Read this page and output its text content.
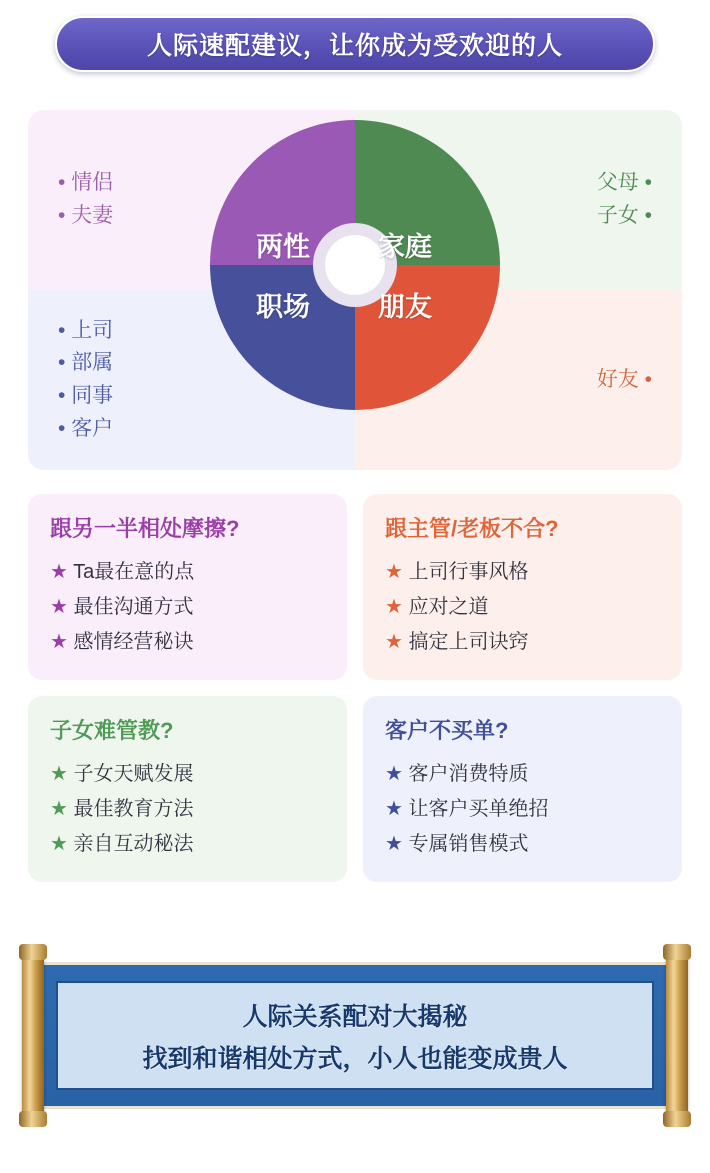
人际速配建议，让你成为受欢迎的人
• 情侣
• 夫妻
父母 •
子女 •
• 上司
• 部属
• 同事
• 客户
好友 •
两性	家庭
职场	朋友
跟另一半相处摩擦?
★ Ta最在意的点
★ 最佳沟通方式
★ 感情经营秘诀
跟主管/老板不合?
★ 上司行事风格
★ 应对之道
★ 搞定上司诀窍
子女难管教?
★ 子女天赋发展
★ 最佳教育方法
★ 亲自互动秘法
客户不买单?
★ 客户消费特质
★ 让客户买单绝招
★ 专属销售模式
人际关系配对大揭秘
找到和谐相处方式，小人也能变成贵人
